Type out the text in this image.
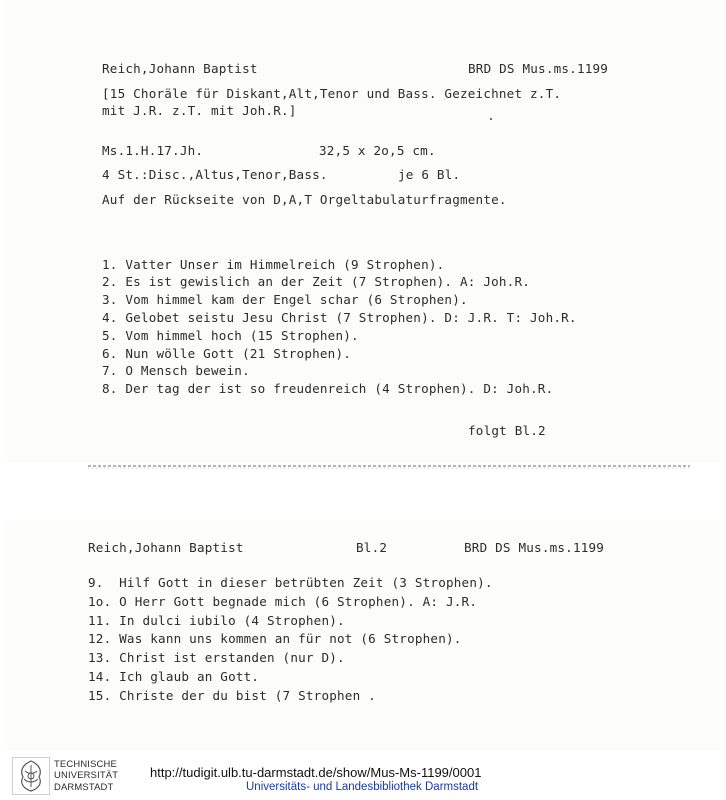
Reich,Johann Baptist	BRD DS Mus.ms.1199
[15 Choräle für Diskant,Alt,Tenor und Bass. Gezeichnet z.T.
mit J.R. z.T. mit Joh.R.]
Ms.1.H.17.Jh.	32,5 x 2o,5 cm.
4 St.:Disc.,Altus,Tenor,Bass.	je 6 Bl.
Auf der Rückseite von D,A,T Orgeltabulaturfragmente.
1. Vatter Unser im Himmelreich (9 Strophen).
2. Es ist gewislich an der Zeit (7 Strophen). A: Joh.R.
3. Vom himmel kam der Engel schar (6 Strophen).
4. Gelobet seistu Jesu Christ (7 Strophen). D: J.R. T: Joh.R.
5. Vom himmel hoch (15 Strophen).
6. Nun wölle Gott (21 Strophen).
7. O Mensch bewein.
8. Der tag der ist so freudenreich (4 Strophen). D: Joh.R.
folgt Bl.2
Reich,Johann Baptist	Bl.2	BRD DS Mus.ms.1199
9.  Hilf Gott in dieser betrübten Zeit (3 Strophen).
1o. O Herr Gott begnade mich (6 Strophen). A: J.R.
11. In dulci iubilo (4 Strophen).
12. Was kann uns kommen an für not (6 Strophen).
13. Christ ist erstanden (nur D).
14. Ich glaub an Gott.
15. Christe der du bist (7 Strophen .
TECHNISCHE
UNIVERSITÄT
DARMSTADT
http://tudigit.ulb.tu-darmstadt.de/show/Mus-Ms-1199/0001
Universitäts- und Landesbibliothek Darmstadt
